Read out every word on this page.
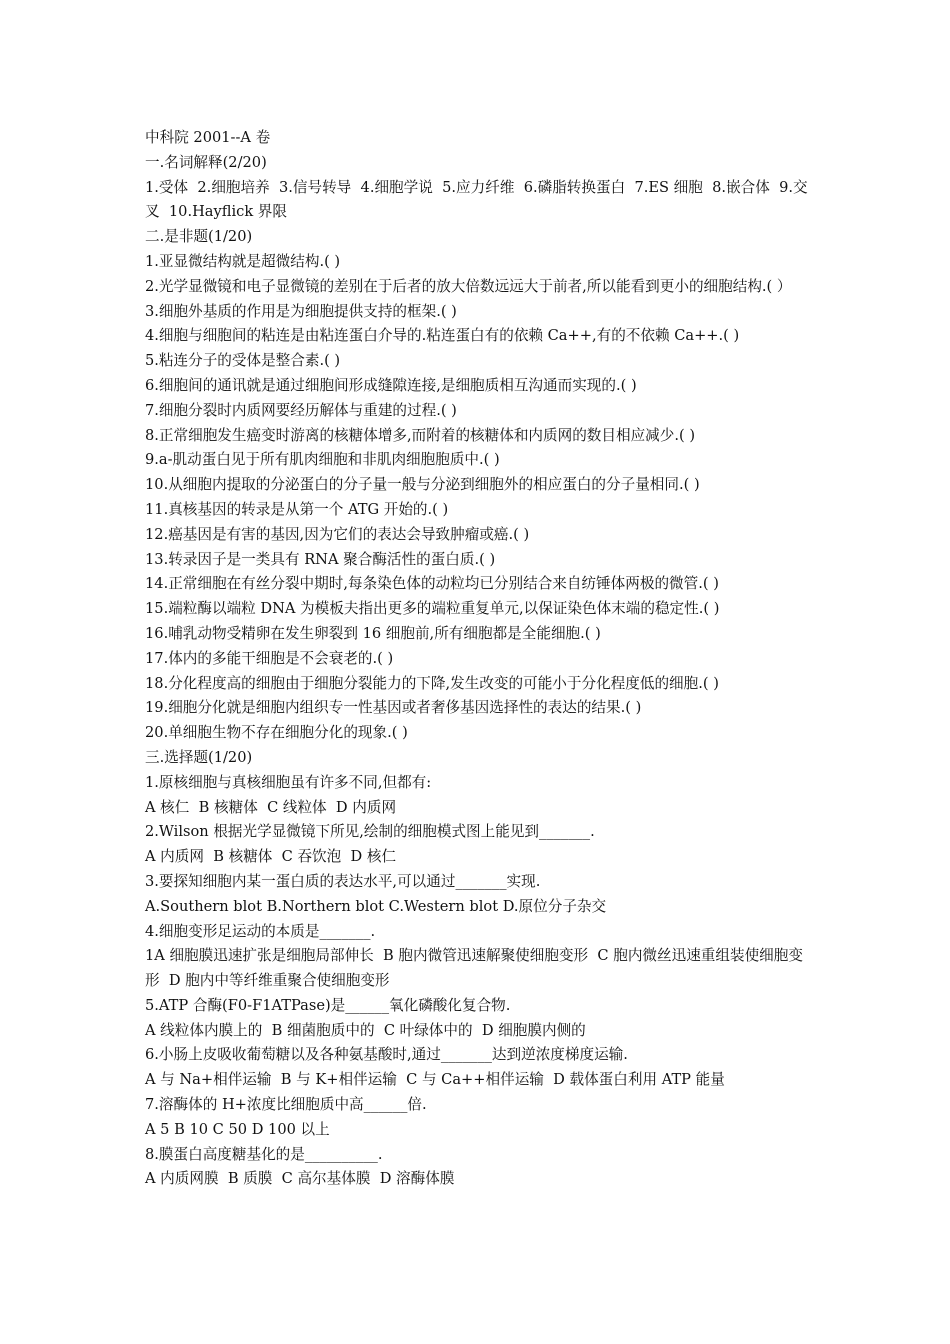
中科院 2001--A 卷
一.名词解释(2/20)
1.受体  2.细胞培养  3.信号转导  4.细胞学说  5.应力纤维  6.磷脂转换蛋白  7.ES 细胞  8.嵌合体  9.交叉  10.Hayflick 界限
二.是非题(1/20)
1.亚显微结构就是超微结构.( )
2.光学显微镜和电子显微镜的差别在于后者的放大倍数远远大于前者,所以能看到更小的细胞结构.( ）
3.细胞外基质的作用是为细胞提供支持的框架.( )
4.细胞与细胞间的粘连是由粘连蛋白介导的.粘连蛋白有的依赖 Ca++,有的不依赖 Ca++.( )
5.粘连分子的受体是整合素.( )
6.细胞间的通讯就是通过细胞间形成缝隙连接,是细胞质相互沟通而实现的.( )
7.细胞分裂时内质网要经历解体与重建的过程.( )
8.正常细胞发生癌变时游离的核糖体增多,而附着的核糖体和内质网的数目相应减少.( )
9.a-肌动蛋白见于所有肌肉细胞和非肌肉细胞胞质中.( )
10.从细胞内提取的分泌蛋白的分子量一般与分泌到细胞外的相应蛋白的分子量相同.( )
11.真核基因的转录是从第一个 ATG 开始的.( )
12.癌基因是有害的基因,因为它们的表达会导致肿瘤或癌.( )
13.转录因子是一类具有 RNA 聚合酶活性的蛋白质.( )
14.正常细胞在有丝分裂中期时,每条染色体的动粒均已分别结合来自纺锤体两极的微管.( )
15.端粒酶以端粒 DNA 为模板夫指出更多的端粒重复单元,以保证染色体末端的稳定性.( )
16.哺乳动物受精卵在发生卵裂到 16 细胞前,所有细胞都是全能细胞.( )
17.体内的多能干细胞是不会衰老的.( )
18.分化程度高的细胞由于细胞分裂能力的下降,发生改变的可能小于分化程度低的细胞.( )
19.细胞分化就是细胞内组织专一性基因或者奢侈基因选择性的表达的结果.( )
20.单细胞生物不存在细胞分化的现象.( )
三.选择题(1/20)
1.原核细胞与真核细胞虽有许多不同,但都有:
A 核仁  B 核糖体  C 线粒体  D 内质网
2.Wilson 根据光学显微镜下所见,绘制的细胞模式图上能见到_______.
A 内质网  B 核糖体  C 吞饮泡  D 核仁
3.要探知细胞内某一蛋白质的表达水平,可以通过_______实现.
A.Southern blot B.Northern blot C.Western blot D.原位分子杂交
4.细胞变形足运动的本质是_______.
1A 细胞膜迅速扩张是细胞局部伸长  B 胞内微管迅速解聚使细胞变形  C 胞内微丝迅速重组装使细胞变形  D 胞内中等纤维重聚合使细胞变形
5.ATP 合酶(F0-F1ATPase)是______氧化磷酸化复合物.
A 线粒体内膜上的  B 细菌胞质中的  C 叶绿体中的  D 细胞膜内侧的
6.小肠上皮吸收葡萄糖以及各种氨基酸时,通过_______达到逆浓度梯度运输.
A 与 Na+相伴运输  B 与 K+相伴运输  C 与 Ca++相伴运输  D 载体蛋白利用 ATP 能量
7.溶酶体的 H+浓度比细胞质中高______倍.
A 5 B 10 C 50 D 100 以上
8.膜蛋白高度糖基化的是__________.
A 内质网膜  B 质膜  C 高尔基体膜  D 溶酶体膜
